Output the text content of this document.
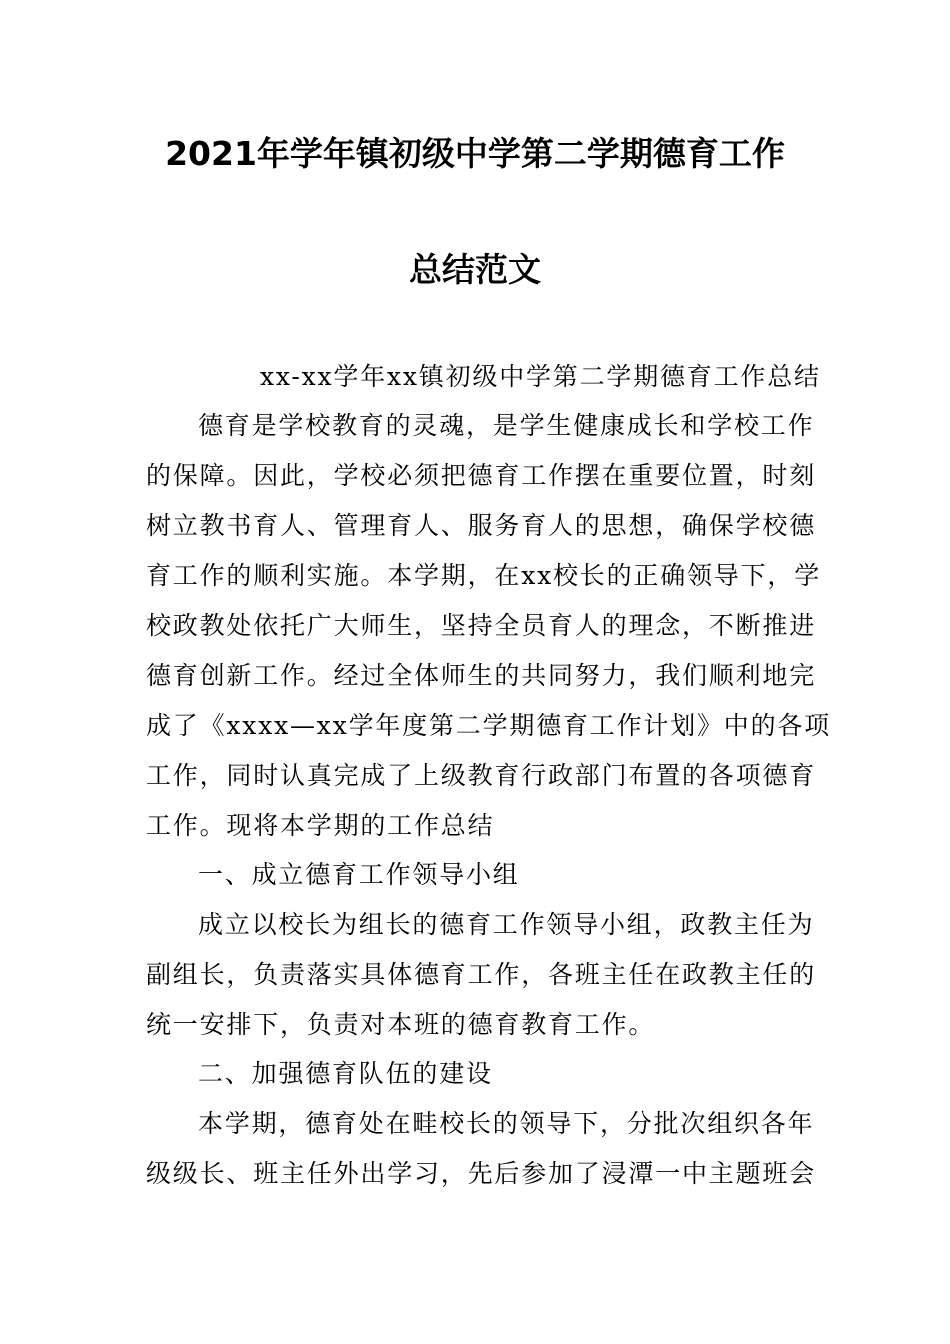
2021年学年镇初级中学第二学期德育工作
总结范文
xx-xx学年xx镇初级中学第二学期德育工作总结
德育是学校教育的灵魂，是学生健康成长和学校工作
的保障。因此，学校必须把德育工作摆在重要位置，时刻
树立教书育人、管理育人、服务育人的思想，确保学校德
育工作的顺利实施。本学期，在xx校长的正确领导下，学
校政教处依托广大师生，坚持全员育人的理念，不断推进
德育创新工作。经过全体师生的共同努力，我们顺利地完
成了《xxxx—xx学年度第二学期德育工作计划》中的各项
工作，同时认真完成了上级教育行政部门布置的各项德育
工作。现将本学期的工作总结
一、成立德育工作领导小组
成立以校长为组长的德育工作领导小组，政教主任为
副组长，负责落实具体德育工作，各班主任在政教主任的
统一安排下，负责对本班的德育教育工作。
二、加强德育队伍的建设
本学期，德育处在畦校长的领导下，分批次组织各年
级级长、班主任外出学习，先后参加了浸潭一中主题班会
